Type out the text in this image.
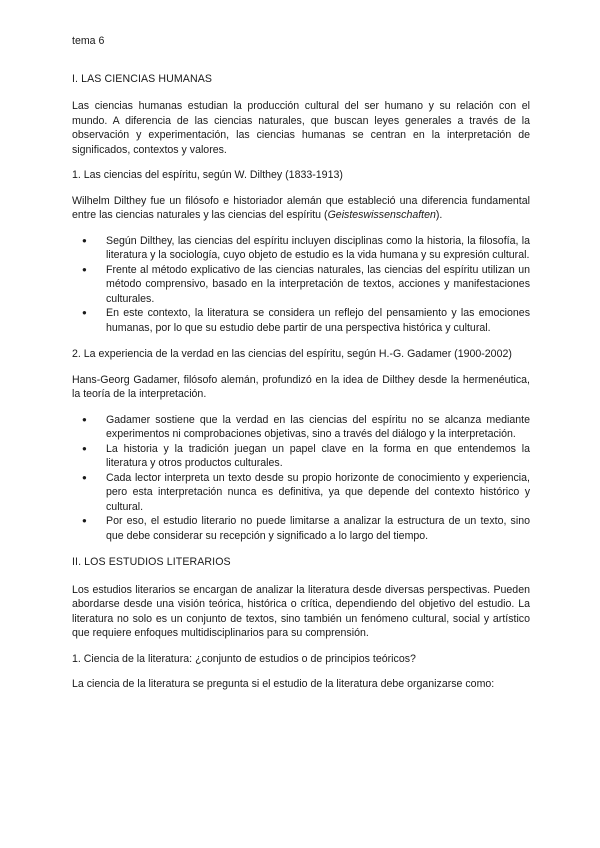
tema 6
I. LAS CIENCIAS HUMANAS

Las ciencias humanas estudian la producción cultural del ser humano y su relación con el mundo. A diferencia de las ciencias naturales, que buscan leyes generales a través de la observación y experimentación, las ciencias humanas se centran en la interpretación de significados, contextos y valores.

1. Las ciencias del espíritu, según W. Dilthey (1833-1913)

Wilhelm Dilthey fue un filósofo e historiador alemán que estableció una diferencia fundamental entre las ciencias naturales y las ciencias del espíritu (Geisteswissenschaften).

● Según Dilthey, las ciencias del espíritu incluyen disciplinas como la historia, la filosofía, la literatura y la sociología, cuyo objeto de estudio es la vida humana y su expresión cultural.
● Frente al método explicativo de las ciencias naturales, las ciencias del espíritu utilizan un método comprensivo, basado en la interpretación de textos, acciones y manifestaciones culturales.
● En este contexto, la literatura se considera un reflejo del pensamiento y las emociones humanas, por lo que su estudio debe partir de una perspectiva histórica y cultural.

2. La experiencia de la verdad en las ciencias del espíritu, según H.-G. Gadamer (1900-2002)

Hans-Georg Gadamer, filósofo alemán, profundizó en la idea de Dilthey desde la hermenéutica, la teoría de la interpretación.

● Gadamer sostiene que la verdad en las ciencias del espíritu no se alcanza mediante experimentos ni comprobaciones objetivas, sino a través del diálogo y la interpretación.
● La historia y la tradición juegan un papel clave en la forma en que entendemos la literatura y otros productos culturales.
● Cada lector interpreta un texto desde su propio horizonte de conocimiento y experiencia, pero esta interpretación nunca es definitiva, ya que depende del contexto histórico y cultural.
● Por eso, el estudio literario no puede limitarse a analizar la estructura de un texto, sino que debe considerar su recepción y significado a lo largo del tiempo.
II. LOS ESTUDIOS LITERARIOS

Los estudios literarios se encargan de analizar la literatura desde diversas perspectivas. Pueden abordarse desde una visión teórica, histórica o crítica, dependiendo del objetivo del estudio. La literatura no solo es un conjunto de textos, sino también un fenómeno cultural, social y artístico que requiere enfoques multidisciplinarios para su comprensión.

1. Ciencia de la literatura: ¿conjunto de estudios o de principios teóricos?

La ciencia de la literatura se pregunta si el estudio de la literatura debe organizarse como:
